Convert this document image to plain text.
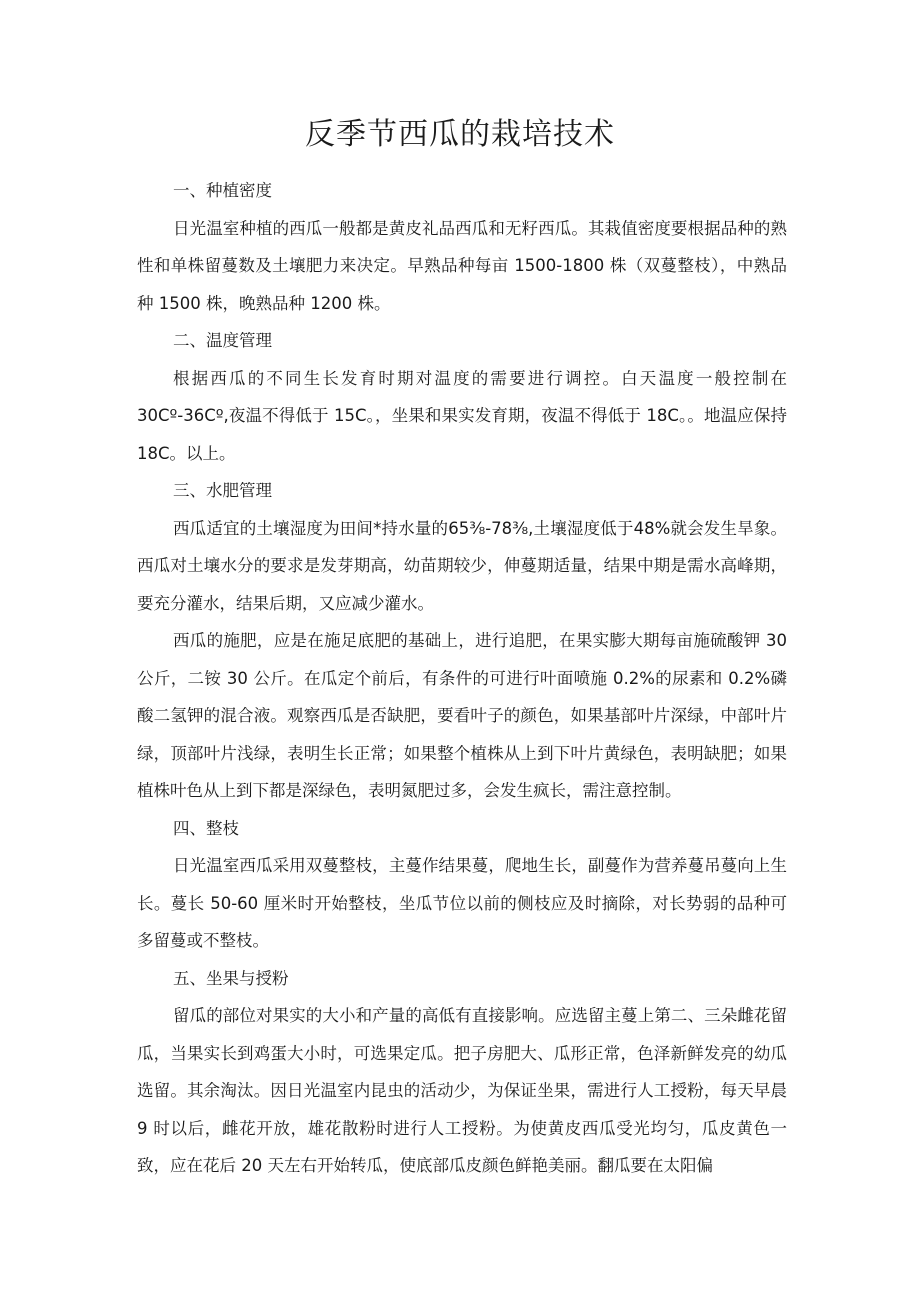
反季节西瓜的栽培技术

一、种植密度

日光温室种植的西瓜一般都是黄皮礼品西瓜和无籽西瓜。其栽值密度要根据品种的熟性和单株留蔓数及土壤肥力来决定。早熟品种每亩 1500-1800 株（双蔓整枝），中熟品种 1500 株，晚熟品种 1200 株。

二、温度管理

根据西瓜的不同生长发育时期对温度的需要进行调控。白天温度一般控制在 30Cº-36Cº,夜温不得低于 15C。，坐果和果实发育期，夜温不得低于 18C。。地温应保持 18C。以上。

三、水肥管理

西瓜适宜的土壤湿度为田间*持水量的65⅜-78⅜,土壤湿度低于48%就会发生旱象。西瓜对土壤水分的要求是发芽期高，幼苗期较少，伸蔓期适量，结果中期是需水高峰期，要充分灌水，结果后期，又应减少灌水。

西瓜的施肥，应是在施足底肥的基础上，进行追肥，在果实膨大期每亩施硫酸钾 30 公斤，二铵 30 公斤。在瓜定个前后，有条件的可进行叶面喷施 0.2%的尿素和 0.2%磷酸二氢钾的混合液。观察西瓜是否缺肥，要看叶子的颜色，如果基部叶片深绿，中部叶片绿，顶部叶片浅绿，表明生长正常；如果整个植株从上到下叶片黄绿色，表明缺肥；如果植株叶色从上到下都是深绿色，表明氮肥过多，会发生疯长，需注意控制。

四、整枝

日光温室西瓜采用双蔓整枝，主蔓作结果蔓，爬地生长，副蔓作为营养蔓吊蔓向上生长。蔓长 50-60 厘米时开始整枝，坐瓜节位以前的侧枝应及时摘除，对长势弱的品种可多留蔓或不整枝。

五、坐果与授粉

留瓜的部位对果实的大小和产量的高低有直接影响。应选留主蔓上第二、三朵雌花留瓜，当果实长到鸡蛋大小时，可选果定瓜。把子房肥大、瓜形正常，色泽新鲜发亮的幼瓜选留。其余淘汰。因日光温室内昆虫的活动少，为保证坐果，需进行人工授粉，每天早晨 9 时以后，雌花开放，雄花散粉时进行人工授粉。为使黄皮西瓜受光均匀，瓜皮黄色一致，应在花后 20 天左右开始转瓜，使底部瓜皮颜色鲜艳美丽。翻瓜要在太阳偏
